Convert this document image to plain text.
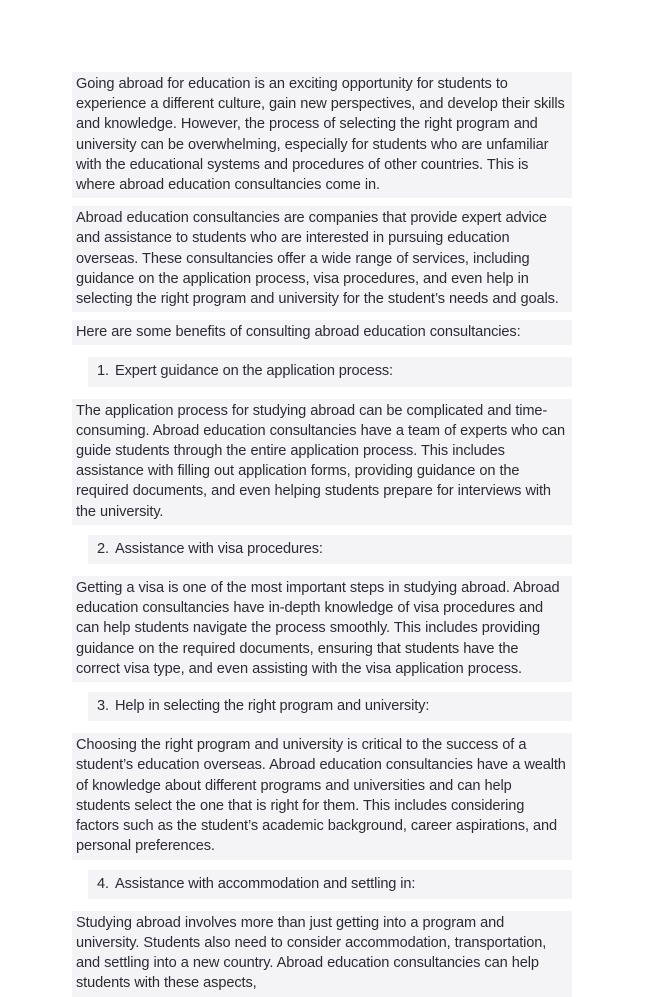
Going abroad for education is an exciting opportunity for students to experience a different culture, gain new perspectives, and develop their skills and knowledge. However, the process of selecting the right program and university can be overwhelming, especially for students who are unfamiliar with the educational systems and procedures of other countries. This is where abroad education consultancies come in.

Abroad education consultancies are companies that provide expert advice and assistance to students who are interested in pursuing education overseas. These consultancies offer a wide range of services, including guidance on the application process, visa procedures, and even help in selecting the right program and university for the student’s needs and goals.

Here are some benefits of consulting abroad education consultancies:

1. Expert guidance on the application process:

The application process for studying abroad can be complicated and time-consuming. Abroad education consultancies have a team of experts who can guide students through the entire application process. This includes assistance with filling out application forms, providing guidance on the required documents, and even helping students prepare for interviews with the university.

2. Assistance with visa procedures:

Getting a visa is one of the most important steps in studying abroad. Abroad education consultancies have in-depth knowledge of visa procedures and can help students navigate the process smoothly. This includes providing guidance on the required documents, ensuring that students have the correct visa type, and even assisting with the visa application process.

3. Help in selecting the right program and university:

Choosing the right program and university is critical to the success of a student’s education overseas. Abroad education consultancies have a wealth of knowledge about different programs and universities and can help students select the one that is right for them. This includes considering factors such as the student’s academic background, career aspirations, and personal preferences.

4. Assistance with accommodation and settling in:

Studying abroad involves more than just getting into a program and university. Students also need to consider accommodation, transportation, and settling into a new country. Abroad education consultancies can help students with these aspects,
